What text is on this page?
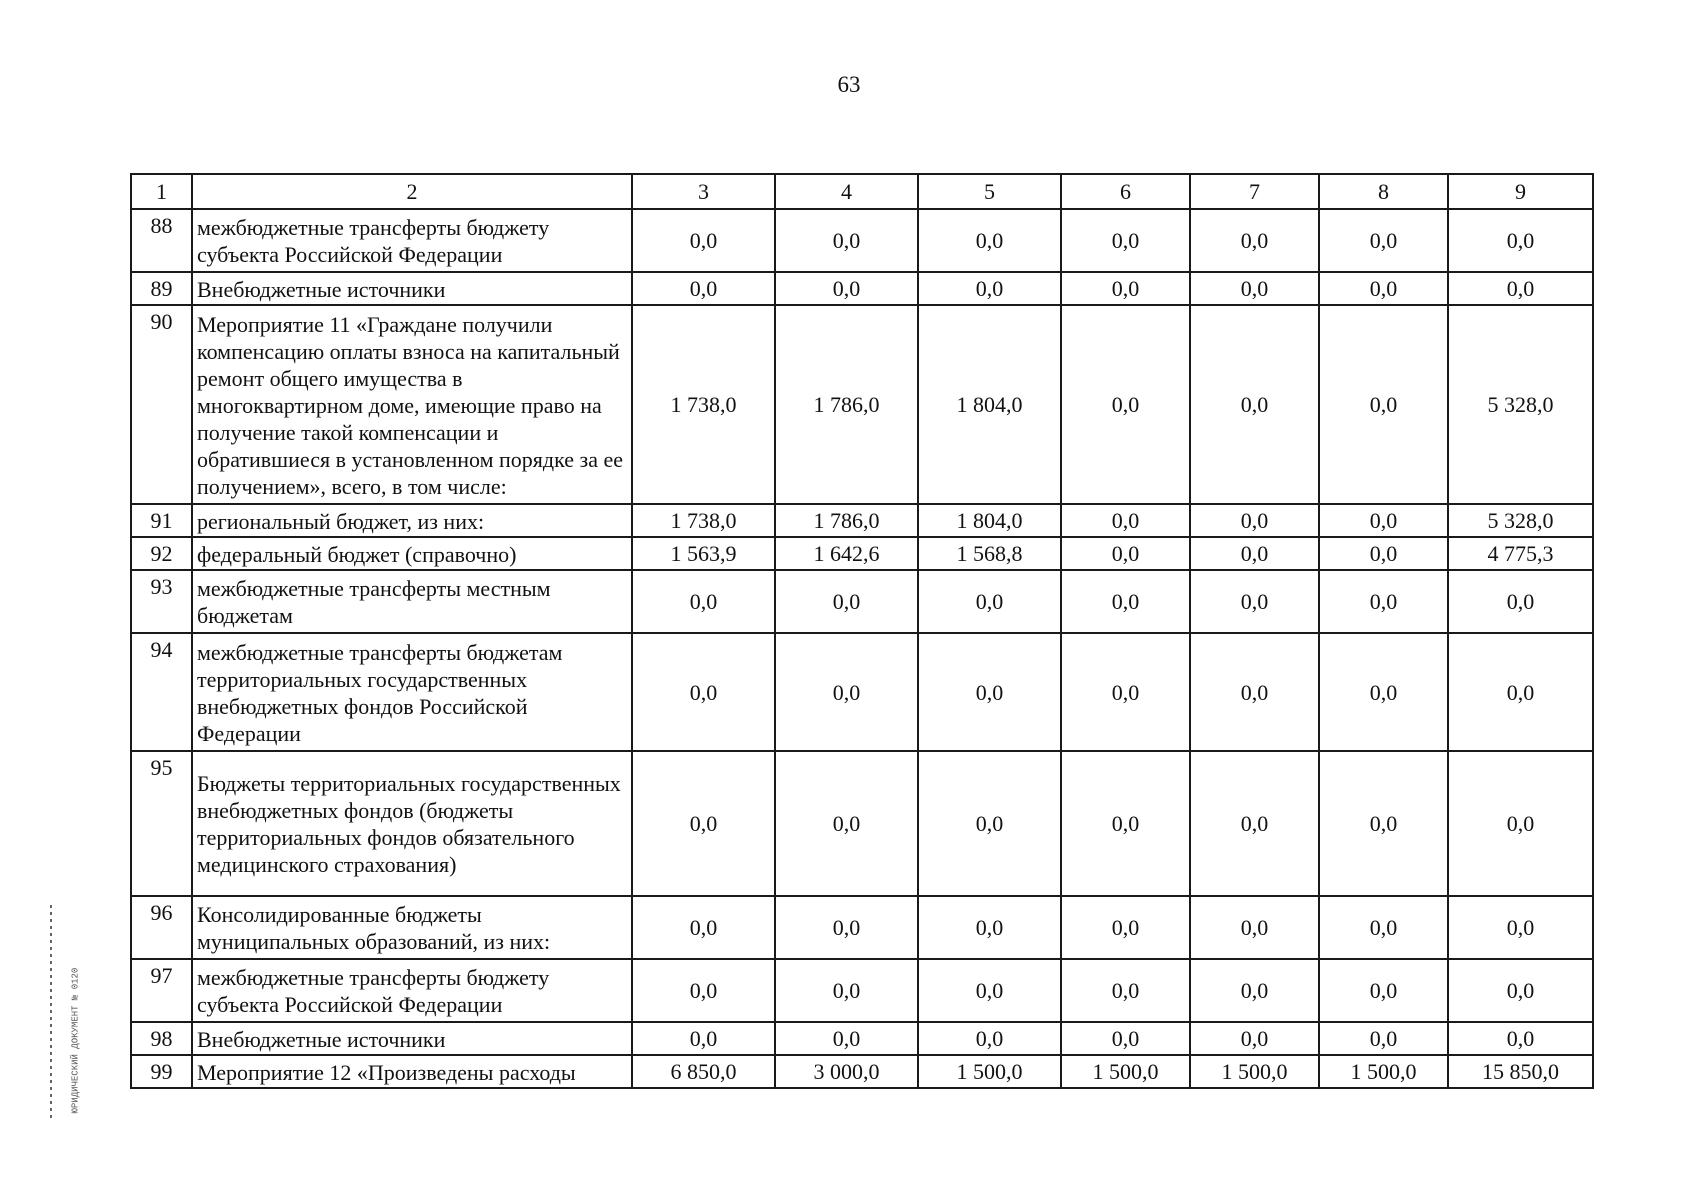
63
1	2	3	4	5	6	7	8	9
88	межбюджетные трансферты бюджету субъекта Российской Федерации	0,0	0,0	0,0	0,0	0,0	0,0	0,0
89	Внебюджетные источники	0,0	0,0	0,0	0,0	0,0	0,0	0,0
90	Мероприятие 11 «Граждане получили компенсацию оплаты взноса на капитальный ремонт общего имущества в многоквартирном доме, имеющие право на получение такой компенсации и обратившиеся в установленном порядке за ее получением», всего, в том числе:	1 738,0	1 786,0	1 804,0	0,0	0,0	0,0	5 328,0
91	региональный бюджет, из них:	1 738,0	1 786,0	1 804,0	0,0	0,0	0,0	5 328,0
92	федеральный бюджет (справочно)	1 563,9	1 642,6	1 568,8	0,0	0,0	0,0	4 775,3
93	межбюджетные трансферты местным бюджетам	0,0	0,0	0,0	0,0	0,0	0,0	0,0
94	межбюджетные трансферты бюджетам территориальных государственных внебюджетных фондов Российской Федерации	0,0	0,0	0,0	0,0	0,0	0,0	0,0
95	Бюджеты территориальных государственных внебюджетных фондов (бюджеты территориальных фондов обязательного медицинского страхования)	0,0	0,0	0,0	0,0	0,0	0,0	0,0
96	Консолидированные бюджеты муниципальных образований, из них:	0,0	0,0	0,0	0,0	0,0	0,0	0,0
97	межбюджетные трансферты бюджету субъекта Российской Федерации	0,0	0,0	0,0	0,0	0,0	0,0	0,0
98	Внебюджетные источники	0,0	0,0	0,0	0,0	0,0	0,0	0,0
99	Мероприятие 12 «Произведены расходы	6 850,0	3 000,0	1 500,0	1 500,0	1 500,0	1 500,0	15 850,0
ЮРИДИЧЕСКИЙ ДОКУМЕНТ № 0120
